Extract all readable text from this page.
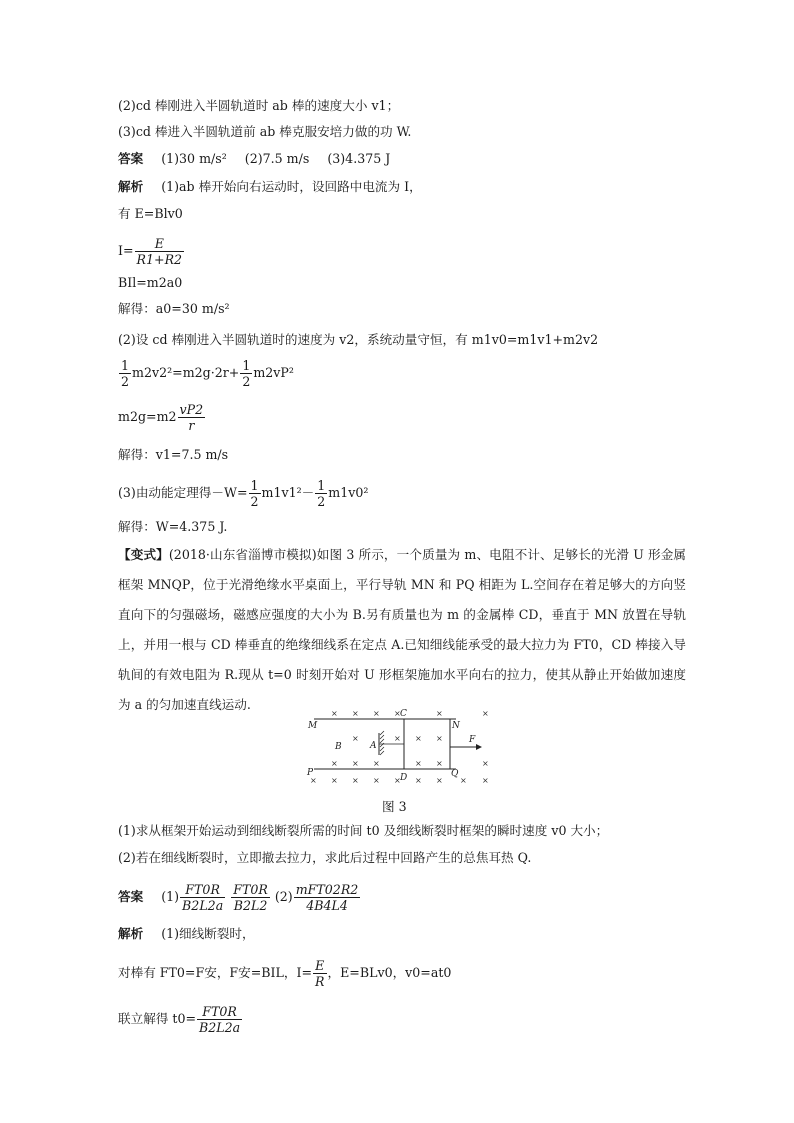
(2)cd 棒刚进入半圆轨道时 ab 棒的速度大小 v1；
(3)cd 棒进入半圆轨道前 ab 棒克服安培力做的功 W.
答案 (1)30 m/s² (2)7.5 m/s (3)4.375 J
解析 (1)ab 棒开始向右运动时，设回路中电流为 I，
有 E=Blv0
$I= \frac{E}{R1+R2}$
BIl=m2a0
解得：a0=30 m/s²
(2)设 cd 棒刚进入半圆轨道时的速度为 v2，系统动量守恒，有 m1v0=m1v1+m2v2
$\frac{1}{2} m2v2^2=m2g\cdot 2r+ \frac{1}{2} m2vP^2$
$m2g=m2 \frac{vP2}{r}$
解得：v1=7.5 m/s
(3)由动能定理得$-W= \frac{1}{2} m1v1^2- \frac{1}{2} m1v0^2$
解得：W=4.375 J.
【变式】(2018·山东省淄博市模拟)如图 3 所示，一个质量为 m、电阻不计、足够长的光滑 U 形金属框架 MNQP，位于光滑绝缘水平桌面上，平行导轨 MN 和 PQ 相距为 L.空间存在着足够大的方向竖直向下的匀强磁场，磁感应强度的大小为 B.另有质量也为 m 的金属棒 CD，垂直于 MN 放置在导轨上，并用一根与 CD 棒垂直的绝缘细线系在定点 A.已知细线能承受的最大拉力为 FT0，CD 棒接入导轨间的有效电阻为 R.现从 t=0 时刻开始对 U 形框架施加水平向右的拉力，使其从静止开始做加速度为 a 的匀加速直线运动.
× × × ×	×	×
×	× × ×
× × ×	× ×	×
× × × × × × × × ×
M	N
P	Q
C
D
A
B
F
图 3
(1)求从框架开始运动到细线断裂所需的时间 t0 及细线断裂时框架的瞬时速度 v0 大小；
(2)若在细线断裂时，立即撤去拉力，求此后过程中回路产生的总焦耳热 Q.
答案 $(1) \frac{FT0R}{B2L2a}$
$\frac{FT0R}{B2L2} (2)$ mFT02R2
4B4L4
解析 (1)细线断裂时，
对棒有 FT0=F安，F安=BIL，$I= \frac{E}{R}$ ，E=BLv0，v0=at0
联立解得 $t0= \frac{FT0R}{B2L2a}$
